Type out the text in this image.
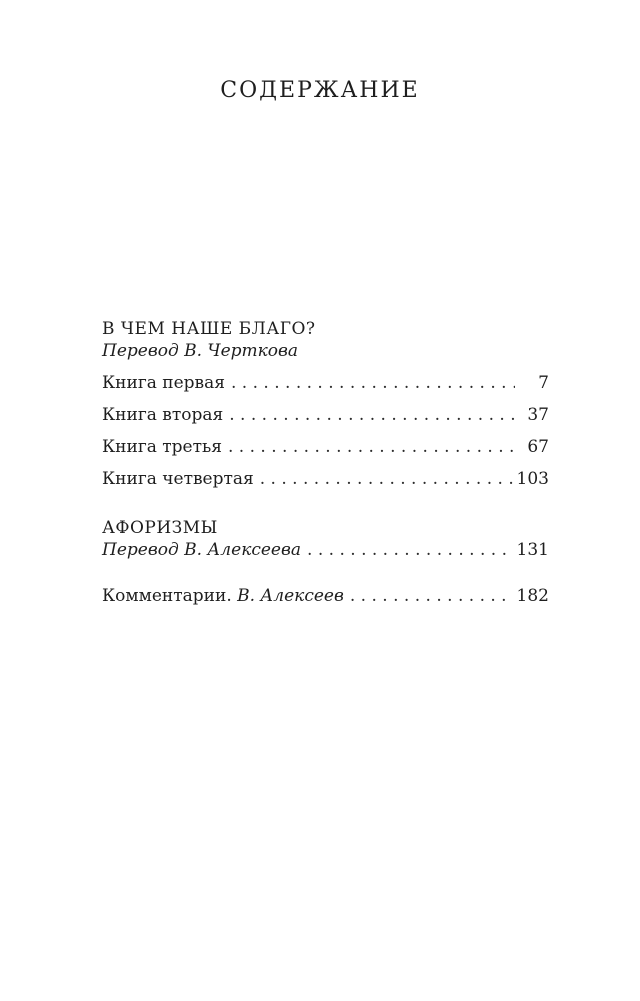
СОДЕРЖАНИЕ
В ЧЕМ НАШЕ БЛАГО?
Перевод В. Черткова
Книга первая . . .	7
Книга вторая . . .	37
Книга третья . . .	67
Книга четвертая . . .	103
АФОРИЗМЫ
Перевод В. Алексеева . . .	131
Комментарии. В. Алексеев . . .	182
